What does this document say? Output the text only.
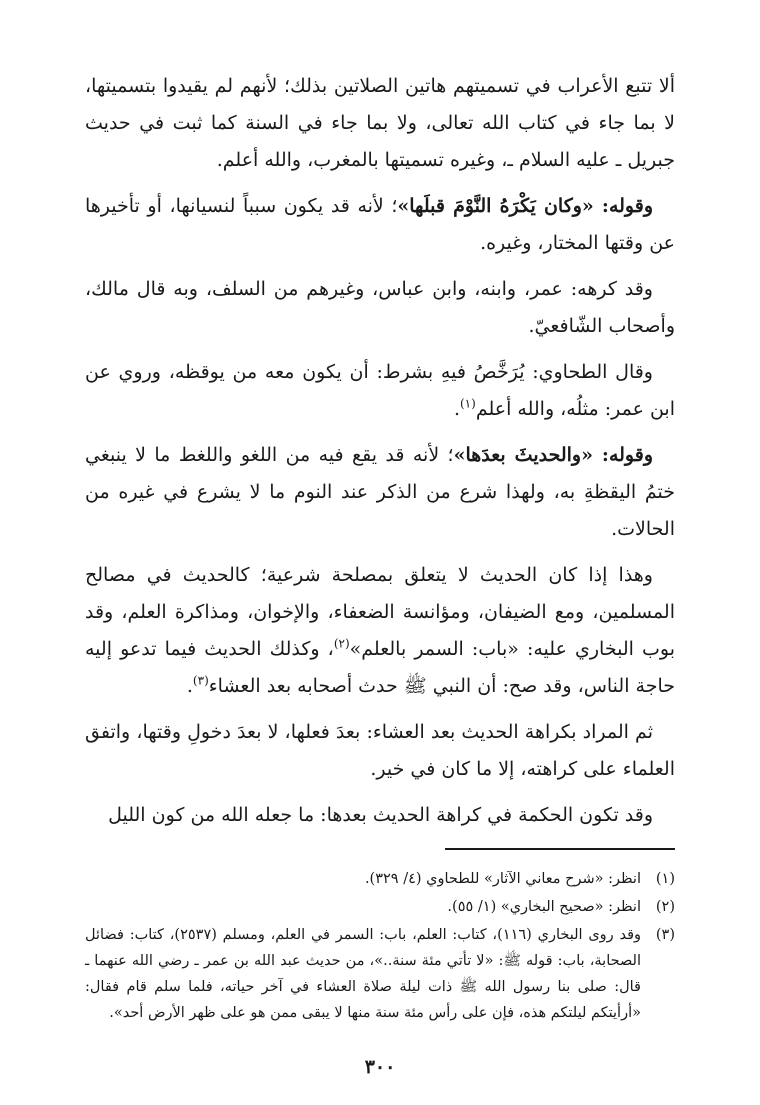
ألا تتبع الأعراب في تسميتهم هاتين الصلاتين بذلك؛ لأنهم لم يقيدوا بتسميتها، لا بما جاء في كتاب الله تعالى، ولا بما جاء في السنة كما ثبت في حديث جبريل ـ عليه السلام ـ، وغيره تسميتها بالمغرب، والله أعلم.

وقوله: «وكان يَكْرَهُ النَّوْمَ قبلَها»؛ لأنه قد يكون سبباً لنسيانها، أو تأخيرها عن وقتها المختار، وغيره.

وقد كرهه: عمر، وابنه، وابن عباس، وغيرهم من السلف، وبه قال مالك، وأصحاب الشّافعيّ.

وقال الطحاوي: يُرَخَّصُ فيهِ بشرط: أن يكون معه من يوقظه، وروي عن ابن عمر: مثلُه، والله أعلم$^{(١)}$.

وقوله: «والحديثَ بعدَها»؛ لأنه قد يقع فيه من اللغو واللغط ما لا ينبغي ختمُ اليقظةِ به، ولهذا شرع من الذكر عند النوم ما لا يشرع في غيره من الحالات.

وهذا إذا كان الحديث لا يتعلق بمصلحة شرعية؛ كالحديث في مصالح المسلمين، ومع الضيفان، ومؤانسة الضعفاء، والإخوان، ومذاكرة العلم، وقد بوب البخاري عليه: «باب: السمر بالعلم»$^{(٢)}$، وكذلك الحديث فيما تدعو إليه حاجة الناس، وقد صح: أن النبي ﷺ حدث أصحابه بعد العشاء$^{(٣)}$.

ثم المراد بكراهة الحديث بعد العشاء: بعدَ فعلها، لا بعدَ دخولِ وقتها، واتفق العلماء على كراهته، إلا ما كان في خير.

وقد تكون الحكمة في كراهة الحديث بعدها: ما جعله الله من كون الليل

(١)
انظر: «شرح معاني الآثار» للطحاوي (٤/ ٣٢٩).
(٢)
انظر: «صحيح البخاري» (١/ ٥٥).
(٣)
وقد روى البخاري (١١٦)، كتاب: العلم، باب: السمر في العلم، ومسلم (٢٥٣٧)، كتاب: فضائل الصحابة، باب: قوله ﷺ: «لا تأتي مئة سنة..»، من حديث عبد الله بن عمر ـ رضي الله عنهما ـ قال: صلى بنا رسول الله ﷺ ذات ليلة صلاة العشاء في آخر حياته، فلما سلم قام فقال: «أرأيتكم ليلتكم هذه، فإن على رأس مئة سنة منها لا يبقى ممن هو على ظهر الأرض أحد».
٣٠٠
